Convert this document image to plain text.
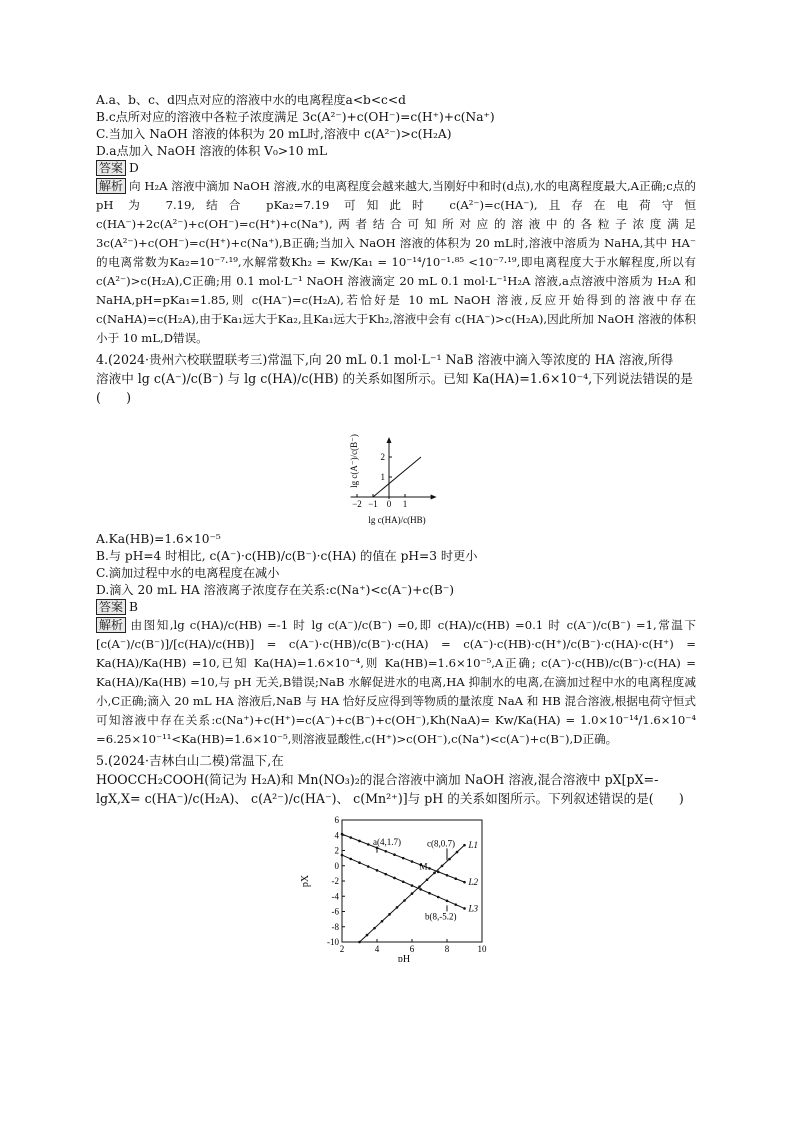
A.a、b、c、d四点对应的溶液中水的电离程度a<b<c<d
B.c点所对应的溶液中各粒子浓度满足 3c(A²⁻)+c(OH⁻)=c(H⁺)+c(Na⁺)
C.当加入 NaOH 溶液的体积为 20 mL时,溶液中 c(A²⁻)>c(H₂A)
D.a点加入 NaOH 溶液的体积 V₀>10 mL
答案 D
解析 向 H₂A 溶液中滴加 NaOH 溶液,水的电离程度会越来越大,当刚好中和时(d点),水的电离程度最大,A正确;c点的 pH 为 7.19,结合 pKa₂=7.19 可知此时 c(A²⁻)=c(HA⁻),且存在电荷守恒 c(HA⁻)+2c(A²⁻)+c(OH⁻)=c(H⁺)+c(Na⁺),两者结合可知所对应的溶液中的各粒子浓度满足 3c(A²⁻)+c(OH⁻)=c(H⁺)+c(Na⁺),B正确;当加入 NaOH 溶液的体积为 20 mL时,溶液中溶质为 NaHA,其中 HA⁻的电离常数为Ka₂=10⁻⁷·¹⁹,水解常数Kh₂ = Kw/Ka₁ = 10⁻¹⁴/10⁻¹·⁸⁵ <10⁻⁷·¹⁹,即电离程度大于水解程度,所以有 c(A²⁻)>c(H₂A),C正确;用 0.1 mol·L⁻¹ NaOH 溶液滴定 20 mL 0.1 mol·L⁻¹H₂A 溶液,a点溶液中溶质为 H₂A 和 NaHA,pH=pKa₁=1.85,则 c(HA⁻)=c(H₂A),若恰好是 10 mL NaOH 溶液,反应开始得到的溶液中存在 c(NaHA)=c(H₂A),由于Ka₁远大于Ka₂,且Ka₁远大于Kh₂,溶液中会有 c(HA⁻)>c(H₂A),因此所加 NaOH 溶液的体积小于 10 mL,D错误。
4.(2024·贵州六校联盟联考三)常温下,向 20 mL 0.1 mol·L⁻¹ NaB 溶液中滴入等浓度的 HA 溶液,所得
溶液中 lg c(A⁻)/c(B⁻) 与 lg c(HA)/c(HB) 的关系如图所示。已知 Ka(HA)=1.6×10⁻⁴,下列说法错误的是(　　)
−2 −1 0 1
1
2
lg c(A⁻)/c(B⁻)
lg c(HA)/c(HB)
A.Ka(HB)=1.6×10⁻⁵
B.与 pH=4 时相比, c(A⁻)·c(HB)/c(B⁻)·c(HA) 的值在 pH=3 时更小
C.滴加过程中水的电离程度在减小
D.滴入 20 mL HA 溶液离子浓度存在关系:c(Na⁺)<c(A⁻)+c(B⁻)
答案 B
解析 由图知,lg c(HA)/c(HB) =-1 时 lg c(A⁻)/c(B⁻) =0,即 c(HA)/c(HB) =0.1 时 c(A⁻)/c(B⁻) =1,常温下 [c(A⁻)/c(B⁻)]/[c(HA)/c(HB)] = c(A⁻)·c(HB)/c(B⁻)·c(HA) = c(A⁻)·c(HB)·c(H⁺)/c(B⁻)·c(HA)·c(H⁺) = Ka(HA)/Ka(HB) =10,已知 Ka(HA)=1.6×10⁻⁴,则 Ka(HB)=1.6×10⁻⁵,A正确; c(A⁻)·c(HB)/c(B⁻)·c(HA) = Ka(HA)/Ka(HB) =10,与 pH 无关,B错误;NaB 水解促进水的电离,HA 抑制水的电离,在滴加过程中水的电离程度减小,C正确;滴入 20 mL HA 溶液后,NaB 与 HA 恰好反应得到等物质的量浓度 NaA 和 HB 混合溶液,根据电荷守恒式可知溶液中存在关系:c(Na⁺)+c(H⁺)=c(A⁻)+c(B⁻)+c(OH⁻),Kh(NaA)= Kw/Ka(HA) = 1.0×10⁻¹⁴/1.6×10⁻⁴ =6.25×10⁻¹¹<Ka(HB)=1.6×10⁻⁵,则溶液显酸性,c(H⁺)>c(OH⁻),c(Na⁺)<c(A⁻)+c(B⁻),D正确。
5.(2024·吉林白山二模)常温下,在
HOOCCH₂COOH(简记为 H₂A)和 Mn(NO₃)₂的混合溶液中滴加 NaOH 溶液,混合溶液中 pX[pX=-
lgX,X= c(HA⁻)/c(H₂A)、 c(A²⁻)/c(HA⁻)、 c(Mn²⁺)]与 pH 的关系如图所示。下列叙述错误的是(　　)
2	4	6	8	10
-10
-8
-6
-4
-2
0
2
4
6
L1
L2
L3
a(4,1.7)	c(8,0.7)
M
b(8,-5.2)
pX
pH
